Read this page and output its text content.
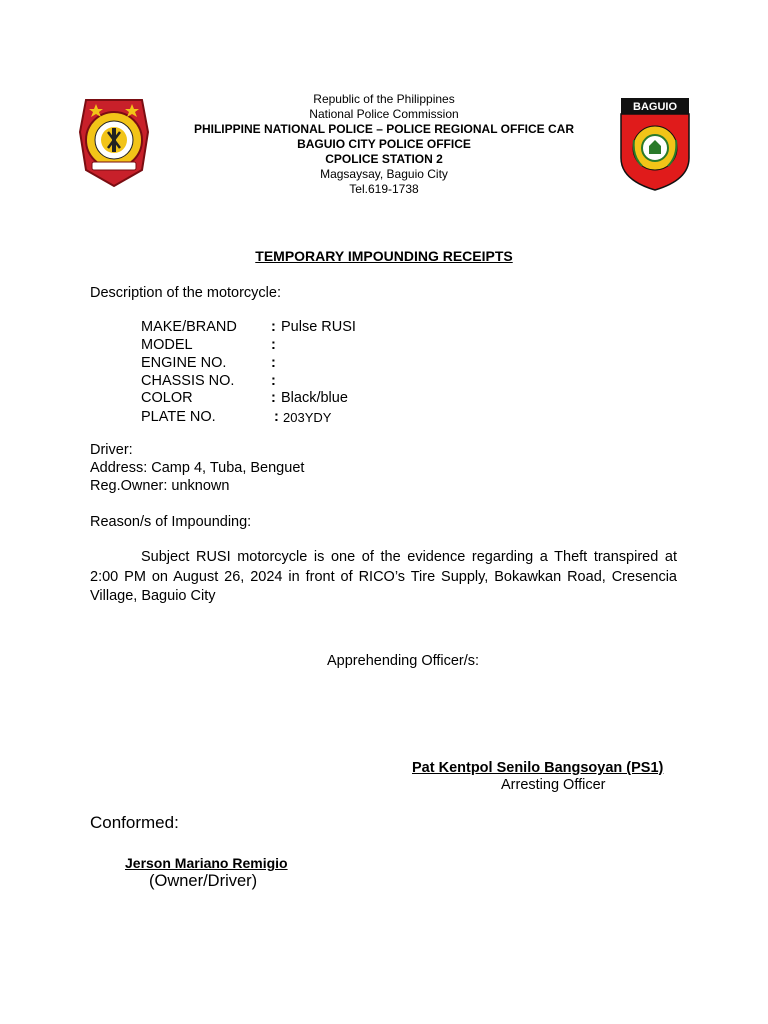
Republic of the Philippines
National Police Commission
PHILIPPINE NATIONAL POLICE – POLICE REGIONAL OFFICE CAR
BAGUIO CITY POLICE OFFICE
CPOLICE STATION 2
Magsaysay, Baguio City
Tel.619-1738
BAGUIO
TEMPORARY IMPOUNDING RECEIPTS
Description of the motorcycle:
MAKE/BRAND : Pulse RUSI
MODEL	:
ENGINE NO.	:
CHASSIS NO.	:
COLOR	: Black/blue
PLATE NO.	: 203YDY
Driver:
Address: Camp 4, Tuba, Benguet
Reg.Owner: unknown
Reason/s of Impounding:
Subject RUSI motorcycle is one of the evidence regarding a Theft transpired at 2:00 PM on August 26, 2024 in front of RICO’s Tire Supply, Bokawkan Road, Cresencia Village, Baguio City
Apprehending Officer/s:
Pat Kentpol Senilo Bangsoyan (PS1)
Arresting Officer
Conformed:
Jerson Mariano Remigio
(Owner/Driver)
